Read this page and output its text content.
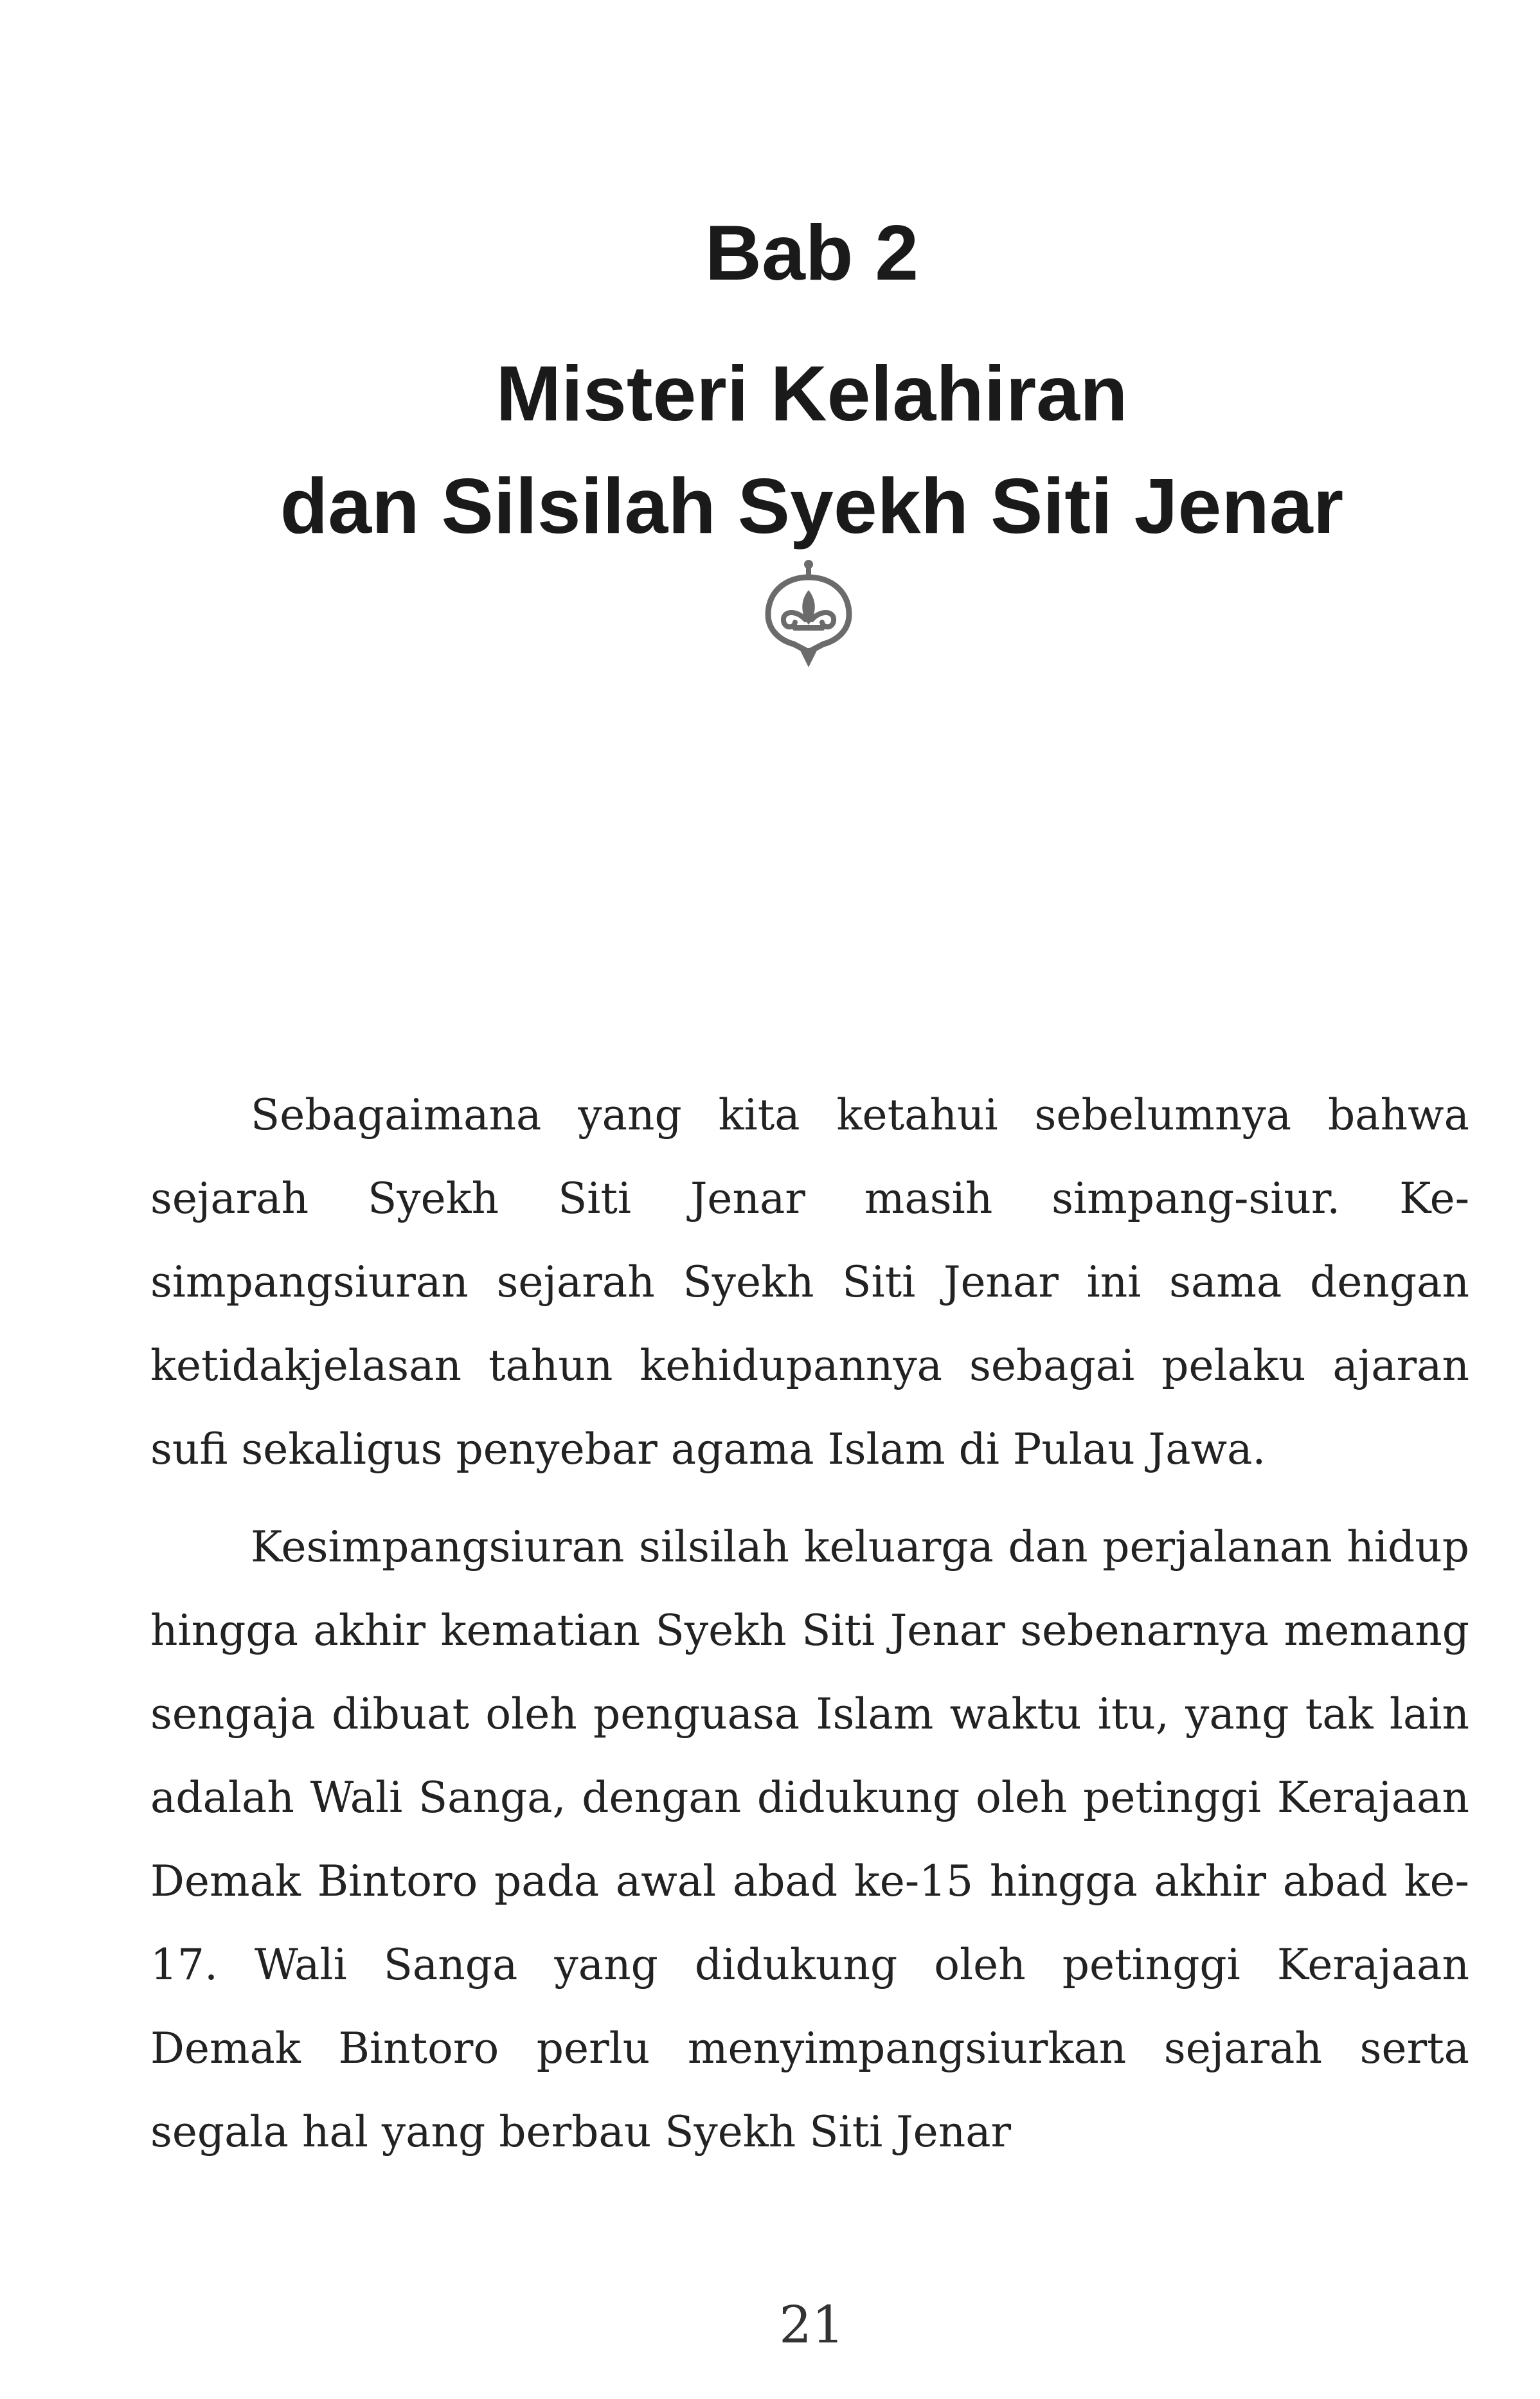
Bab 2
Misteri Kelahiran
dan Silsilah Syekh Siti Jenar

Sebagaimana yang kita ketahui sebelumnya bahwa sejarah Syekh Siti Jenar masih simpang-siur. Ke-simpangsiuran sejarah Syekh Siti Jenar ini sama dengan ketidakjelasan tahun kehidupannya sebagai pelaku ajaran sufi sekaligus penyebar agama Islam di Pulau Jawa.

Kesimpangsiuran silsilah keluarga dan perjalanan hidup hingga akhir kematian Syekh Siti Jenar sebenarnya memang sengaja dibuat oleh penguasa Islam waktu itu, yang tak lain adalah Wali Sanga, dengan didukung oleh petinggi Kerajaan Demak Bintoro pada awal abad ke-15 hingga akhir abad ke-17. Wali Sanga yang didukung oleh petinggi Kerajaan Demak Bintoro perlu menyimpangsiurkan sejarah serta segala hal yang berbau Syekh Siti Jenar

21
